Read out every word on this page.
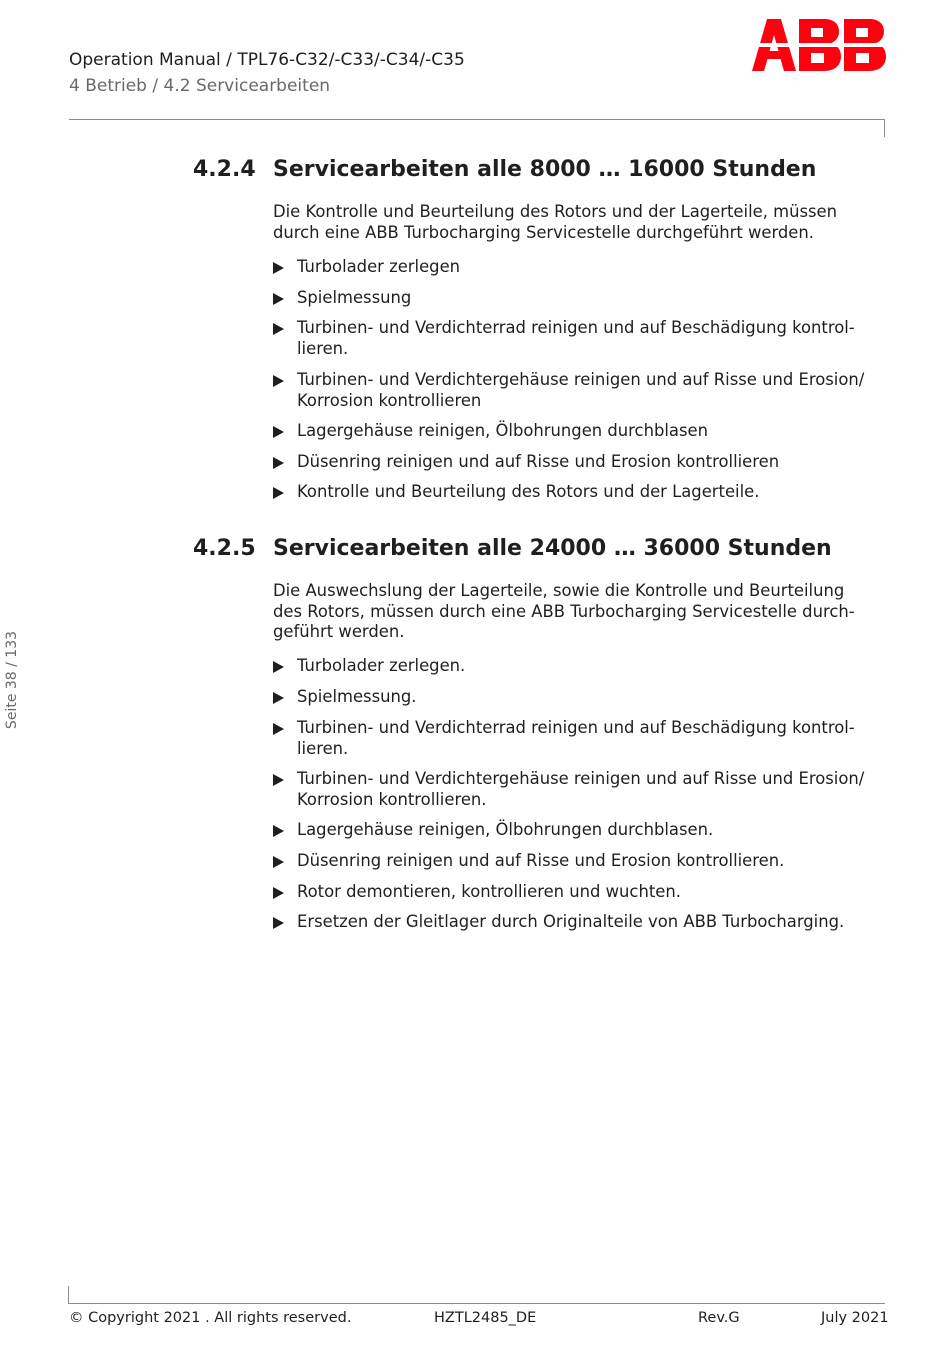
Operation Manual / TPL76-C32/-C33/-C34/-C35
4 Betrieb / 4.2 Servicearbeiten
Seite 38 / 133
4.2.4 Servicearbeiten alle 8000 … 16000 Stunden
Die Kontrolle und Beurteilung des Rotors und der Lagerteile, müssen
durch eine ABB Turbocharging Servicestelle durchgeführt werden.
Turbolader zerlegen
Spielmessung
Turbinen- und Verdichterrad reinigen und auf Beschädigung kontrol-
lieren.
Turbinen- und Verdichtergehäuse reinigen und auf Risse und Erosion/
Korrosion kontrollieren
Lagergehäuse reinigen, Ölbohrungen durchblasen
Düsenring reinigen und auf Risse und Erosion kontrollieren
Kontrolle und Beurteilung des Rotors und der Lagerteile.
4.2.5 Servicearbeiten alle 24000 … 36000 Stunden
Die Auswechslung der Lagerteile, sowie die Kontrolle und Beurteilung
des Rotors, müssen durch eine ABB Turbocharging Servicestelle durch-
geführt werden.
Turbolader zerlegen.
Spielmessung.
Turbinen- und Verdichterrad reinigen und auf Beschädigung kontrol-
lieren.
Turbinen- und Verdichtergehäuse reinigen und auf Risse und Erosion/
Korrosion kontrollieren.
Lagergehäuse reinigen, Ölbohrungen durchblasen.
Düsenring reinigen und auf Risse und Erosion kontrollieren.
Rotor demontieren, kontrollieren und wuchten.
Ersetzen der Gleitlager durch Originalteile von ABB Turbocharging.
© Copyright 2021 . All rights reserved.	HZTL2485_DE	Rev.G	July 2021
